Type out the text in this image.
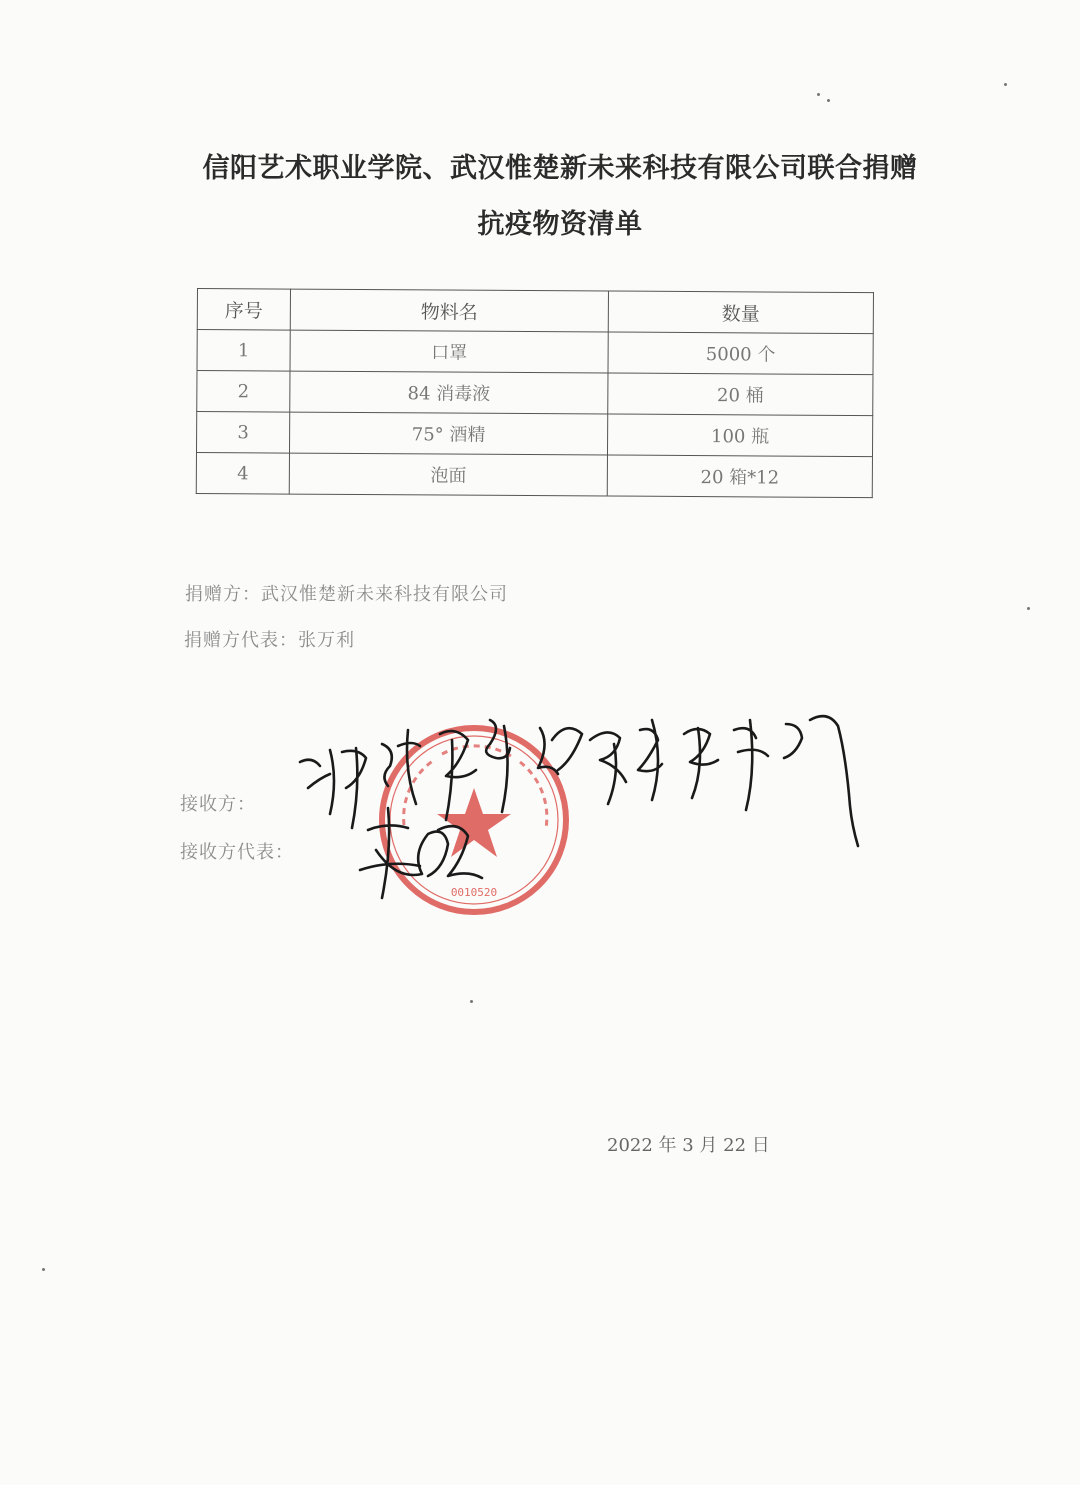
信阳艺术职业学院、武汉惟楚新未来科技有限公司联合捐赠
抗疫物资清单
序号	物料名	数量
1	口罩	5000 个
2	84 消毒液	20 桶
3	75° 酒精	100 瓶
4	泡面	20 箱*12
捐赠方：武汉惟楚新未来科技有限公司
捐赠方代表：张万利
接收方：
接收方代表：
0010520
2022 年 3 月 22 日
